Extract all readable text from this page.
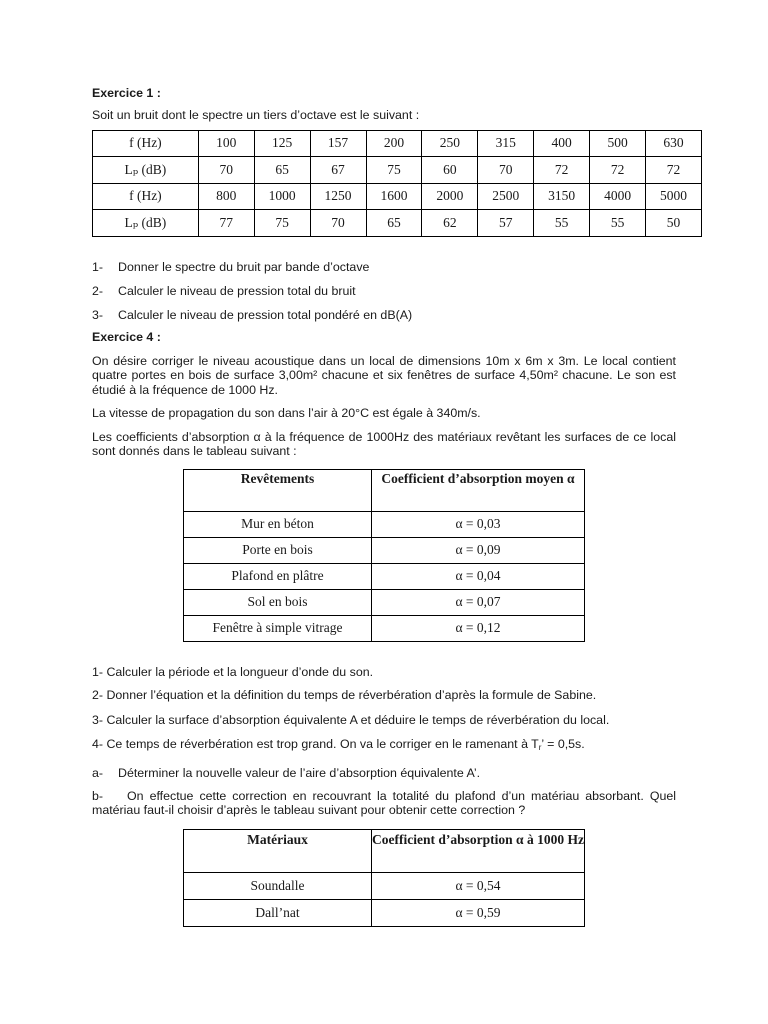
Exercice 1 :

Soit un bruit dont le spectre un tiers d’octave est le suivant :

f (Hz)	100	125	157	200	250	315	400	500	630
Lₚ (dB)	70	65	67	75	60	70	72	72	72
f (Hz)	800	1000	1250	1600	2000	2500	3150	4000	5000
Lₚ (dB)	77	75	70	65	62	57	55	55	50
1-	Donner le spectre du bruit par bande d’octave
2-	Calculer le niveau de pression total du bruit
3-	Calculer le niveau de pression total pondéré en dB(A)
Exercice 4 :

On désire corriger le niveau acoustique dans un local de dimensions 10m x 6m x 3m. Le local contient quatre portes en bois de surface 3,00m² chacune et six fenêtres de surface 4,50m² chacune. Le son est étudié à la fréquence de 1000 Hz.

La vitesse de propagation du son dans l’air à 20°C est égale à 340m/s.

Les coefficients d’absorption α à la fréquence de 1000Hz des matériaux revêtant les surfaces de ce local sont donnés dans le tableau suivant :

Revêtements	Coefficient d’absorption moyen α
Mur en béton	α = 0,03
Porte en bois	α = 0,09
Plafond en plâtre	α = 0,04
Sol en bois	α = 0,07
Fenêtre à simple vitrage	α = 0,12

1- Calculer la période et la longueur d’onde du son.

2- Donner l’équation et la définition du temps de réverbération d’après la formule de Sabine.

3- Calculer la surface d’absorption équivalente A et déduire le temps de réverbération du local.

4- Ce temps de réverbération est trop grand. On va le corriger en le ramenant à $T_r$’ = 0,5s.

a-	Déterminer la nouvelle valeur de l’aire d’absorption équivalente A’.

b- On effectue cette correction en recouvrant la totalité du plafond d’un matériau absorbant. Quel matériau faut-il choisir d’après le tableau suivant pour obtenir cette correction ?

Matériaux	Coefficient d’absorption α à 1000 Hz
Soundalle	α = 0,54
Dall’nat	α = 0,59
